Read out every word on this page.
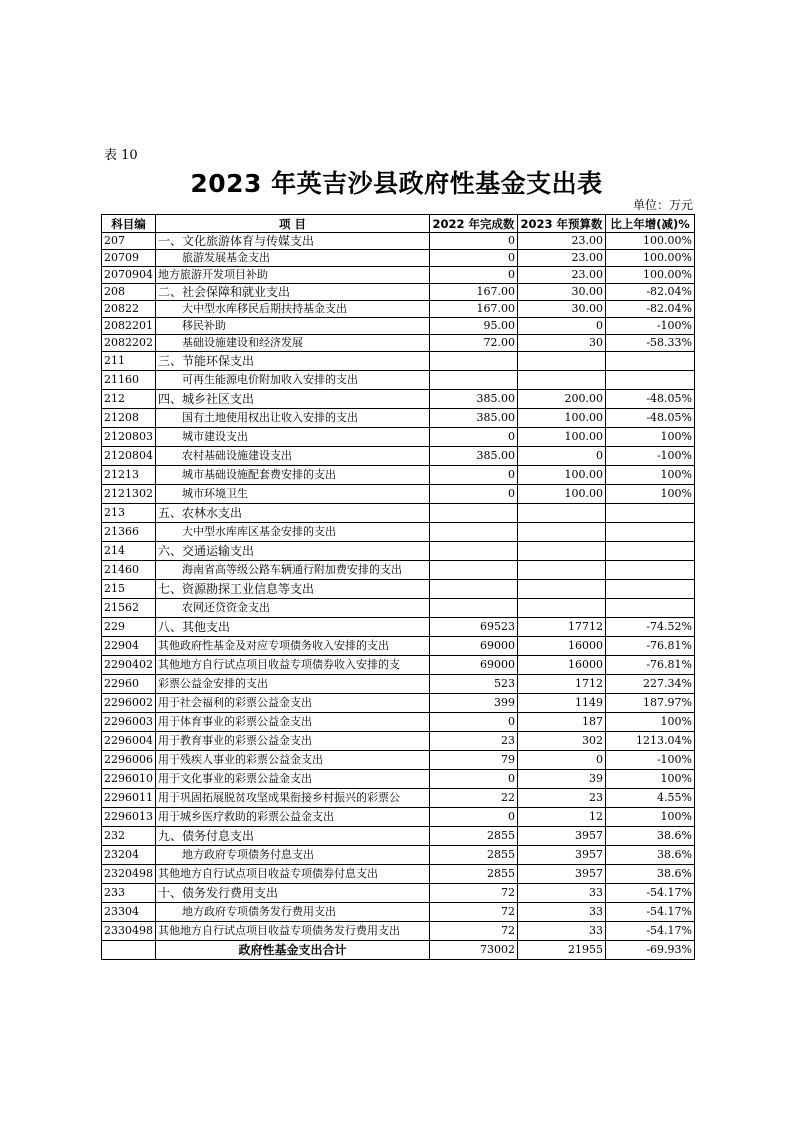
表 10
2023 年英吉沙县政府性基金支出表
单位：万元
科目编	项 目	2022 年完成数	2023 年预算数	比上年增(减)%
207	一、文化旅游体育与传媒支出	0	23.00	100.00%
20709	旅游发展基金支出	0	23.00	100.00%
2070904	地方旅游开发项目补助	0	23.00	100.00%
208	二、社会保障和就业支出	167.00	30.00	-82.04%
20822	大中型水库移民后期扶持基金支出	167.00	30.00	-82.04%
2082201	移民补助	95.00	0	-100%
2082202	基础设施建设和经济发展	72.00	30	-58.33%
211	三、节能环保支出			
21160	可再生能源电价附加收入安排的支出			
212	四、城乡社区支出	385.00	200.00	-48.05%
21208	国有土地使用权出让收入安排的支出	385.00	100.00	-48.05%
2120803	城市建设支出	0	100.00	100%
2120804	农村基础设施建设支出	385.00	0	-100%
21213	城市基础设施配套费安排的支出	0	100.00	100%
2121302	城市环境卫生	0	100.00	100%
213	五、农林水支出			
21366	大中型水库库区基金安排的支出			
214	六、交通运输支出			
21460	海南省高等级公路车辆通行附加费安排的支出			
215	七、资源勘探工业信息等支出			
21562	农网还贷资金支出			
229	八、其他支出	69523	17712	-74.52%
22904	其他政府性基金及对应专项债务收入安排的支出	69000	16000	-76.81%
2290402	其他地方自行试点项目收益专项债券收入安排的支	69000	16000	-76.81%
22960	彩票公益金安排的支出	523	1712	227.34%
2296002	用于社会福利的彩票公益金支出	399	1149	187.97%
2296003	用于体育事业的彩票公益金支出	0	187	100%
2296004	用于教育事业的彩票公益金支出	23	302	1213.04%
2296006	用于残疾人事业的彩票公益金支出	79	0	-100%
2296010	用于文化事业的彩票公益金支出	0	39	100%
2296011	用于巩固拓展脱贫攻坚成果衔接乡村振兴的彩票公	22	23	4.55%
2296013	用于城乡医疗救助的彩票公益金支出	0	12	100%
232	九、债务付息支出	2855	3957	38.6%
23204	地方政府专项债务付息支出	2855	3957	38.6%
2320498	其他地方自行试点项目收益专项债券付息支出	2855	3957	38.6%
233	十、债务发行费用支出	72	33	-54.17%
23304	地方政府专项债务发行费用支出	72	33	-54.17%
2330498	其他地方自行试点项目收益专项债务发行费用支出	72	33	-54.17%
	政府性基金支出合计	73002	21955	-69.93%
